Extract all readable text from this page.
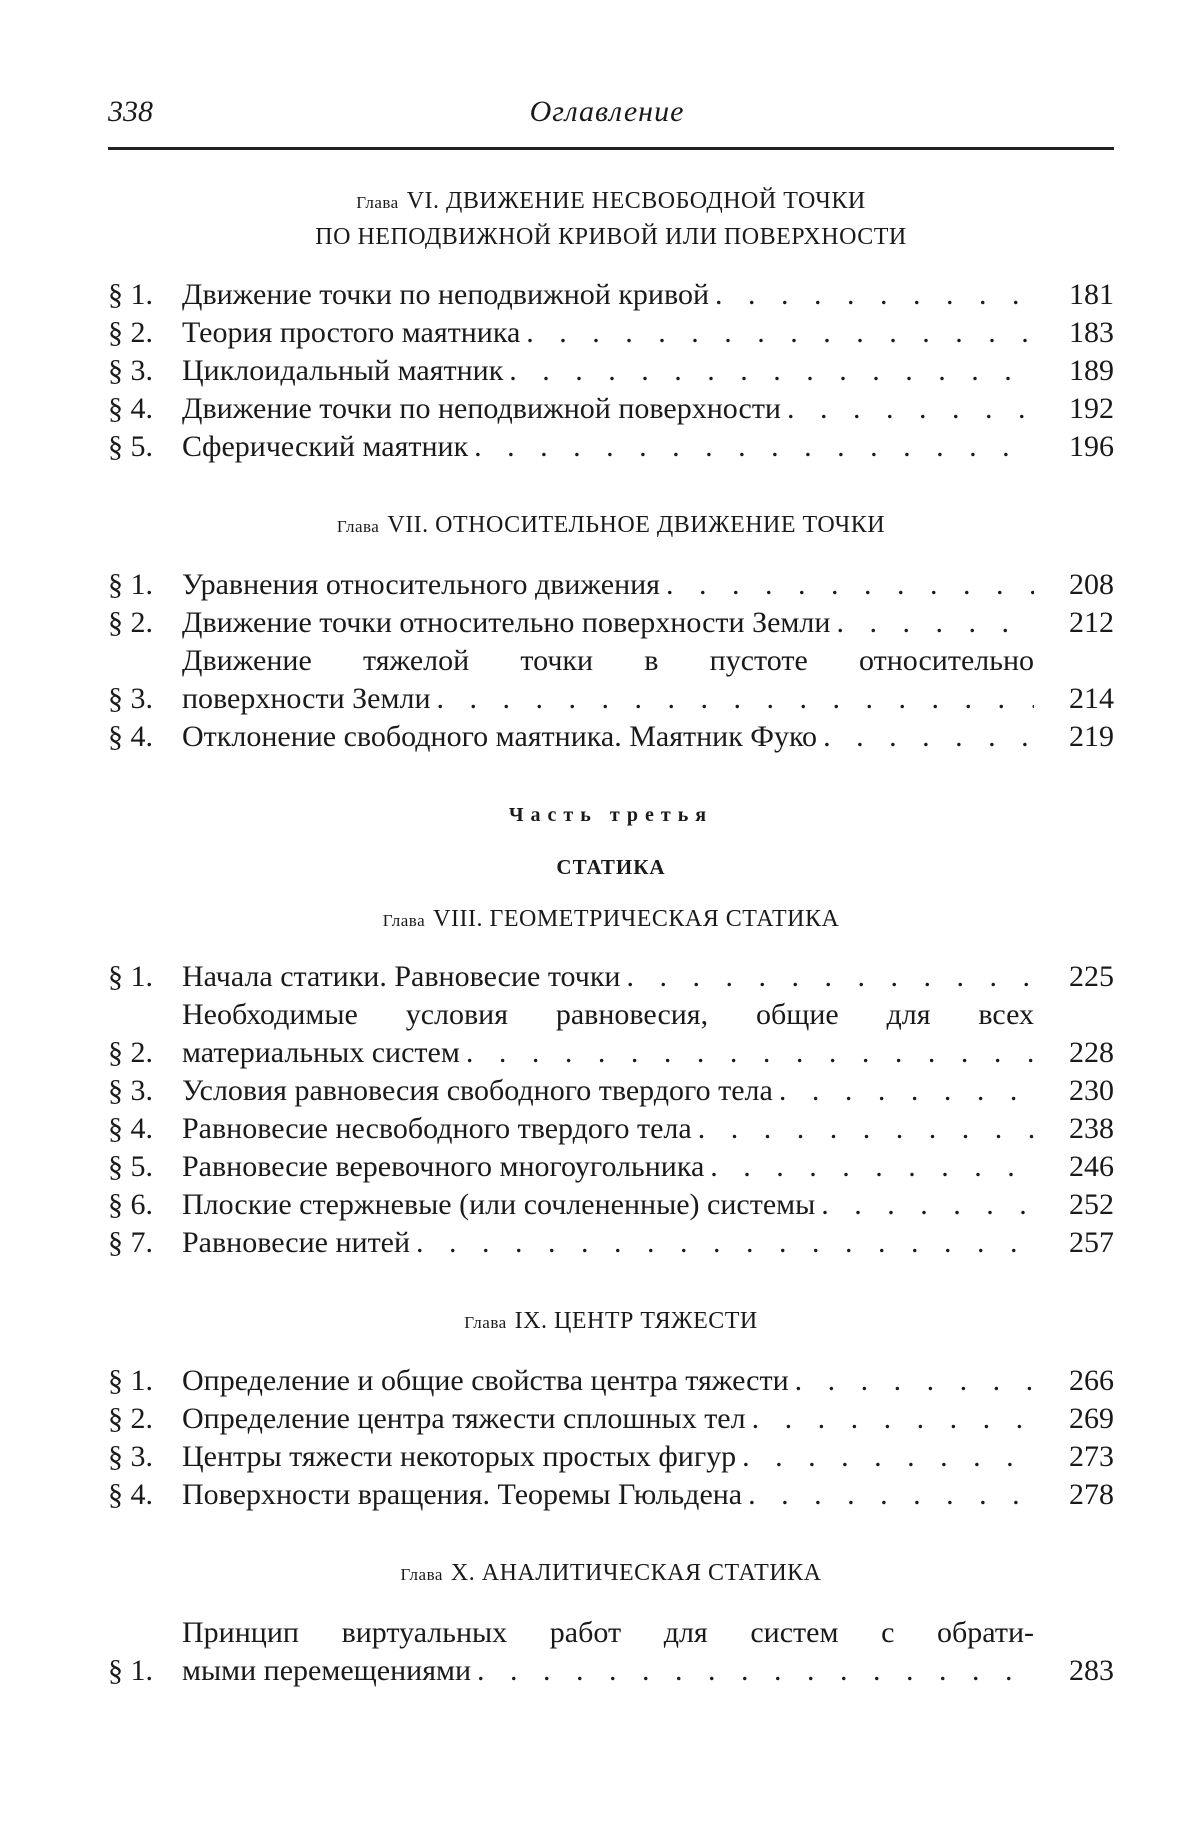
Оглавление
338
Глава VI. ДВИЖЕНИЕ НЕСВОБОДНОЙ ТОЧКИ
ПО НЕПОДВИЖНОЙ КРИВОЙ ИЛИ ПОВЕРХНОСТИ
§ 1. Движение точки по неподвижной кривой . . .	181
§ 2. Теория простого маятника . . .	183
§ 3. Циклоидальный маятник . . .	189
§ 4. Движение точки по неподвижной поверхности . . .	192
§ 5. Сферический маятник . . .	196
Глава VII. ОТНОСИТЕЛЬНОЕ ДВИЖЕНИЕ ТОЧКИ
§ 1. Уравнения относительного движения . . .	208
§ 2. Движение точки относительно поверхности Земли . . .	212
§ 3.
Движение тяжелой точки в пустоте относительно
поверхности Земли . . .	214
§ 4. Отклонение свободного маятника. Маятник Фуко . . .	219

Часть третья

СТАТИКА

Глава VIII. ГЕОМЕТРИЧЕСКАЯ СТАТИКА
§ 1. Начала статики. Равновесие точки . . .	225
§ 2.
Необходимые условия равновесия, общие для всех
материальных систем . . .	228
§ 3. Условия равновесия свободного твердого тела . . .	230
§ 4. Равновесие несвободного твердого тела . . .	238
§ 5. Равновесие веревочного многоугольника . . .	246
§ 6. Плоские стержневые (или сочлененные) системы . . .	252
§ 7. Равновесие нитей . . .	257
Глава IX. ЦЕНТР ТЯЖЕСТИ
§ 1. Определение и общие свойства центра тяжести . . .	266
§ 2. Определение центра тяжести сплошных тел . . .	269
§ 3. Центры тяжести некоторых простых фигур . . .	273
§ 4. Поверхности вращения. Теоремы Гюльдена . . .	278
Глава X. АНАЛИТИЧЕСКАЯ СТАТИКА
§ 1.
Принцип виртуальных работ для систем с обрати-
мыми перемещениями . . .	283
